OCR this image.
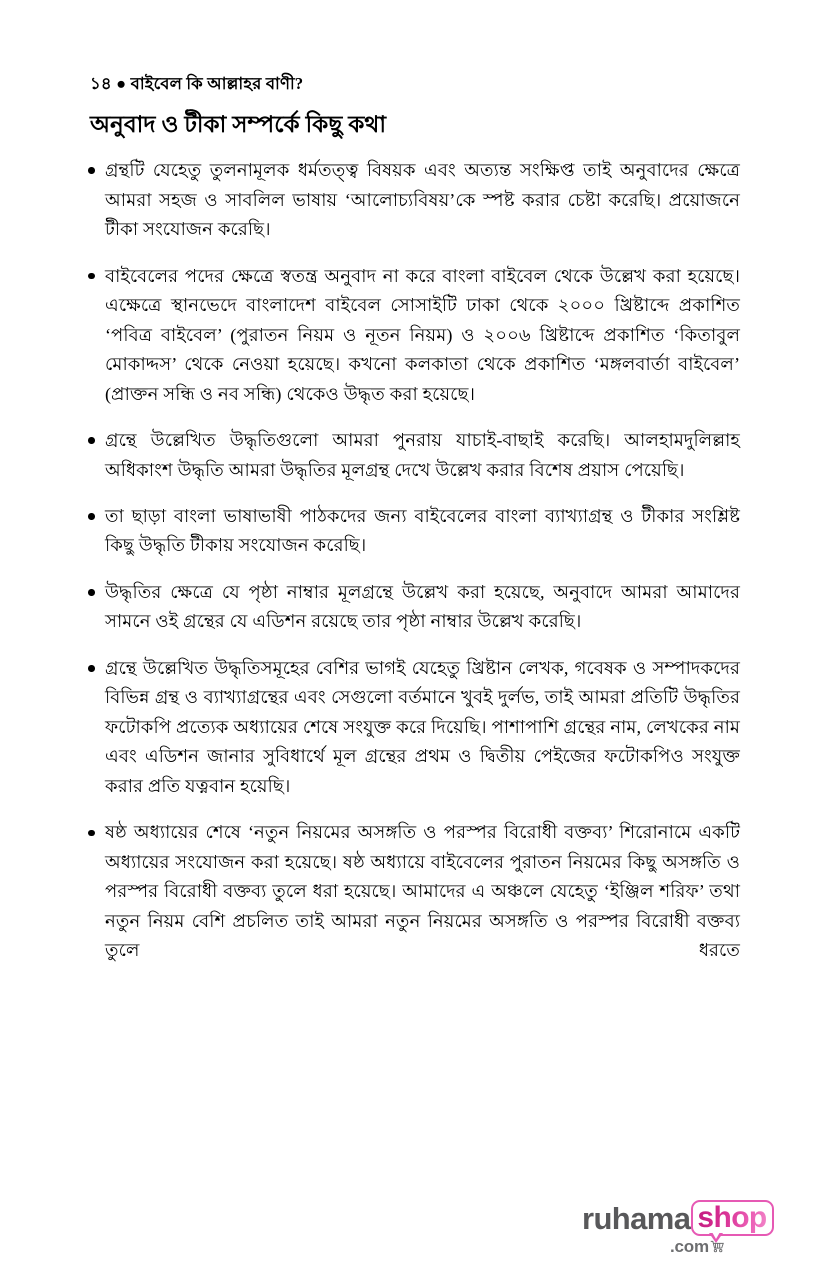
১৪ ● বাইবেল কি আল্লাহর বাণী?
অনুবাদ ও টীকা সম্পর্কে কিছু কথা
গ্রন্থটি যেহেতু তুলনামূলক ধর্মতত্ত্ব বিষয়ক এবং অত্যন্ত সংক্ষিপ্ত তাই অনুবাদের ক্ষেত্রে আমরা সহজ ও সাবলিল ভাষায় ‘আলোচ্যবিষয়’কে স্পষ্ট করার চেষ্টা করেছি। প্রয়োজনে টীকা সংযোজন করেছি।
বাইবেলের পদের ক্ষেত্রে স্বতন্ত্র অনুবাদ না করে বাংলা বাইবেল থেকে উল্লেখ করা হয়েছে। এক্ষেত্রে স্থানভেদে বাংলাদেশ বাইবেল সোসাইটি ঢাকা থেকে ২০০০ খ্রিষ্টাব্দে প্রকাশিত ‘পবিত্র বাইবেল’ (পুরাতন নিয়ম ও নূতন নিয়ম) ও ২০০৬ খ্রিষ্টাব্দে প্রকাশিত ‘কিতাবুল মোকাদ্দস’ থেকে নেওয়া হয়েছে। কখনো কলকাতা থেকে প্রকাশিত ‘মঙ্গলবার্তা বাইবেল’ (প্রাক্তন সন্ধি ও নব সন্ধি) থেকেও উদ্ধৃত করা হয়েছে।
গ্রন্থে উল্লেখিত উদ্ধৃতিগুলো আমরা পুনরায় যাচাই-বাছাই করেছি। আলহামদুলিল্লাহ অধিকাংশ উদ্ধৃতি আমরা উদ্ধৃতির মূলগ্রন্থ দেখে উল্লেখ করার বিশেষ প্রয়াস পেয়েছি।
তা ছাড়া বাংলা ভাষাভাষী পাঠকদের জন্য বাইবেলের বাংলা ব্যাখ্যাগ্রন্থ ও টীকার সংশ্লিষ্ট কিছু উদ্ধৃতি টীকায় সংযোজন করেছি।
উদ্ধৃতির ক্ষেত্রে যে পৃষ্ঠা নাম্বার মূলগ্রন্থে উল্লেখ করা হয়েছে, অনুবাদে আমরা আমাদের সামনে ওই গ্রন্থের যে এডিশন রয়েছে তার পৃষ্ঠা নাম্বার উল্লেখ করেছি।
গ্রন্থে উল্লেখিত উদ্ধৃতিসমূহের বেশির ভাগই যেহেতু খ্রিষ্টান লেখক, গবেষক ও সম্পাদকদের বিভিন্ন গ্রন্থ ও ব্যাখ্যাগ্রন্থের এবং সেগুলো বর্তমানে খুবই দুর্লভ, তাই আমরা প্রতিটি উদ্ধৃতির ফটোকপি প্রত্যেক অধ্যায়ের শেষে সংযুক্ত করে দিয়েছি। পাশাপাশি গ্রন্থের নাম, লেখকের নাম এবং এডিশন জানার সুবিধার্থে মূল গ্রন্থের প্রথম ও দ্বিতীয় পেইজের ফটোকপিও সংযুক্ত করার প্রতি যত্নবান হয়েছি।
ষষ্ঠ অধ্যায়ের শেষে ‘নতুন নিয়মের অসঙ্গতি ও পরস্পর বিরোধী বক্তব্য’ শিরোনামে একটি অধ্যায়ের সংযোজন করা হয়েছে। ষষ্ঠ অধ্যায়ে বাইবেলের পুরাতন নিয়মের কিছু অসঙ্গতি ও পরস্পর বিরোধী বক্তব্য তুলে ধরা হয়েছে। আমাদের এ অঞ্চলে যেহেতু ‘ইঞ্জিল শরিফ’ তথা নতুন নিয়ম বেশি প্রচলিত তাই আমরা নতুন নিয়মের অসঙ্গতি ও পরস্পর বিরোধী বক্তব্য তুলে ধরতে
ruhama shop
.com
